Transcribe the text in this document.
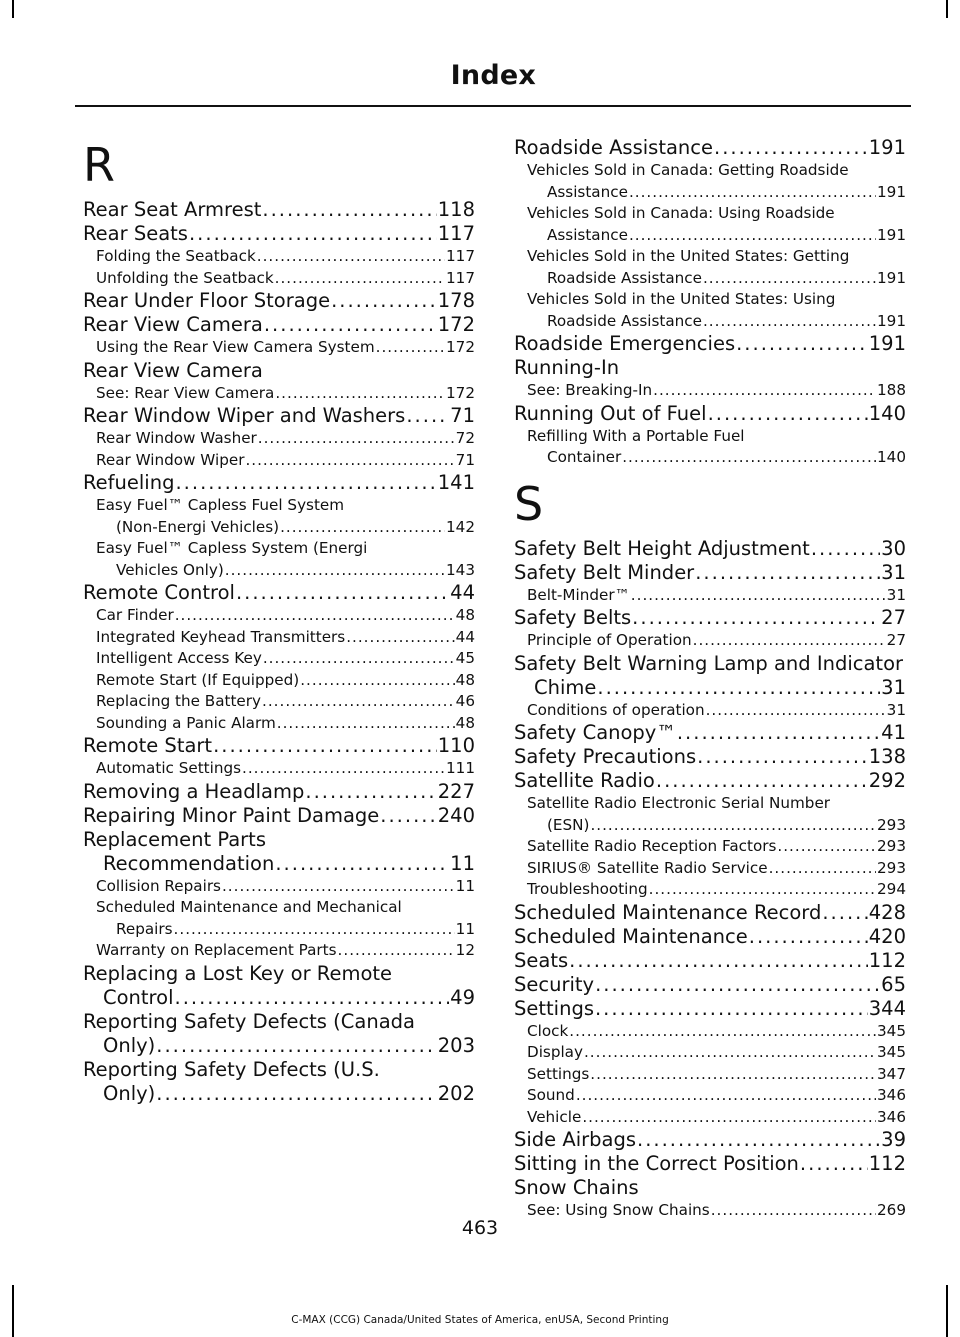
Index
R
Rear Seat Armrest .....	118
Rear Seats .....	117
Folding the Seatback .....	117
Unfolding the Seatback .....	117
Rear Under Floor Storage .....	178
Rear View Camera .....	172
Using the Rear View Camera System .....	172
Rear View Camera
See: Rear View Camera .....	172
Rear Window Wiper and Washers ..... 71
Rear Window Washer .....	72
Rear Window Wiper .....	71
Refueling .....	141
Easy Fuel™ Capless Fuel System
(Non-Energi Vehicles) .....	142
Easy Fuel™ Capless System (Energi
Vehicles Only) .....	143
Remote Control .....	44
Car Finder .....	48
Integrated Keyhead Transmitters .....	44
Intelligent Access Key .....	45
Remote Start (If Equipped) .....	48
Replacing the Battery .....	46
Sounding a Panic Alarm .....	48
Remote Start .....	110
Automatic Settings .....	111
Removing a Headlamp .....	227
Repairing Minor Paint Damage .....	240
Replacement Parts
Recommendation .....	11
Collision Repairs .....	11
Scheduled Maintenance and Mechanical
Repairs .....	11
Warranty on Replacement Parts .....	12
Replacing a Lost Key or Remote
Control .....	49
Reporting Safety Defects (Canada
Only) .....	203
Reporting Safety Defects (U.S.
Only) .....	202
Roadside Assistance .....	191
Vehicles Sold in Canada: Getting Roadside
Assistance .....	191
Vehicles Sold in Canada: Using Roadside
Assistance .....	191
Vehicles Sold in the United States: Getting
Roadside Assistance .....	191
Vehicles Sold in the United States: Using
Roadside Assistance .....	191
Roadside Emergencies .....	191
Running-In
See: Breaking-In .....	188
Running Out of Fuel .....	140
Refilling With a Portable Fuel
Container .....	140
S
Safety Belt Height Adjustment .....	30
Safety Belt Minder .....	31
Belt-Minder™ .....	31
Safety Belts .....	27
Principle of Operation .....	27
Safety Belt Warning Lamp and Indicator
Chime .....	31
Conditions of operation .....	31
Safety Canopy™ .....	41
Safety Precautions .....	138
Satellite Radio .....	292
Satellite Radio Electronic Serial Number
(ESN) .....	293
Satellite Radio Reception Factors .....	293
SIRIUS® Satellite Radio Service .....	293
Troubleshooting .....	294
Scheduled Maintenance Record ..... 428
Scheduled Maintenance .....	420
Seats .....	112
Security .....	65
Settings .....	344
Clock .....	345
Display .....	345
Settings .....	347
Sound .....	346
Vehicle .....	346
Side Airbags .....	39
Sitting in the Correct Position .....	112
Snow Chains
See: Using Snow Chains .....	269
463
C-MAX (CCG) Canada/United States of America, enUSA, Second Printing
